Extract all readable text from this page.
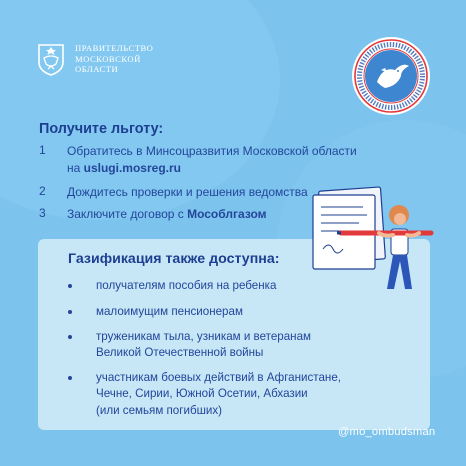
ПРАВИТЕЛЬСТВО
МОСКОВСКОЙ
ОБЛАСТИ
Получите льготу:
1 Обратитесь в Минсоцразвития Московской области
на uslugi.mosreg.ru
2 Дождитесь проверки и решения ведомства
3 Заключите договор с Мособлгазом
Газификация также доступна:
получателям пособия на ребенка
малоимущим пенсионерам
труженикам тыла, узникам и ветеранам
Великой Отечественной войны
участникам боевых действий в Афганистане,
Чечне, Сирии, Южной Осетии, Абхазии
(или семьям погибших)
@mo_ombudsman
